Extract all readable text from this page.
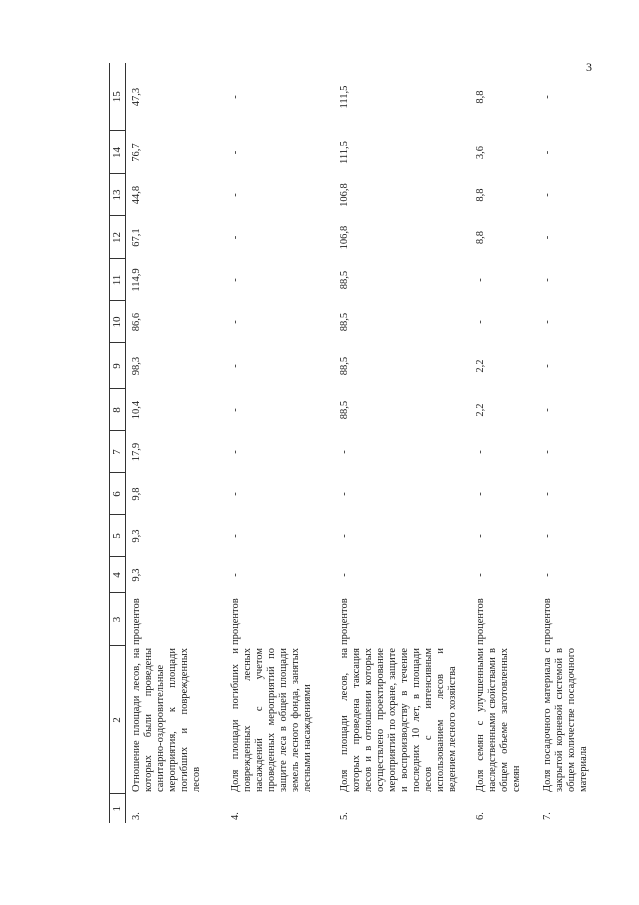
3
1	2	3	4	5	6	7	8	9	10	11	12	13	14	15
3.	Отношение площади лесов, на которых были проведены санитарно-оздоровительные мероприятия, к площади погибших и поврежденных лесов	процентов	9,3	9,3	9,8	17,9	10,4	98,3	86,6	114,9	67,1	44,8	76,7	47,3
4.	Доля площади погибших и поврежденных лесных насаждений с учетом проведенных мероприятий по защите леса в общей площади земель лесного фонда, занятых лесными насаждениями	процентов	-	-	-	-	-	-	-	-	-	-	-	-
5.	Доля площади лесов, на которых проведена таксация лесов и в отношении которых осуществлено проектирование мероприятий по охране, защите и воспроизводству в течение последних 10 лет, в площади лесов с интенсивным использованием лесов и ведением лесного хозяйства	процентов	-	-	-	-	88,5	88,5	88,5	88,5	106,8	106,8	111,5	111,5
6.	Доля семян с улучшенными наследственными свойствами в общем объеме заготовленных семян	процентов	-	-	-	-	2,2	2,2	-	-	8,8	8,8	3,6	8,8
7.	Доля посадочного материала с закрытой корневой системой в общем количестве посадочного материала	процентов	-	-	-	-	-	-	-	-	-	-	-	-
